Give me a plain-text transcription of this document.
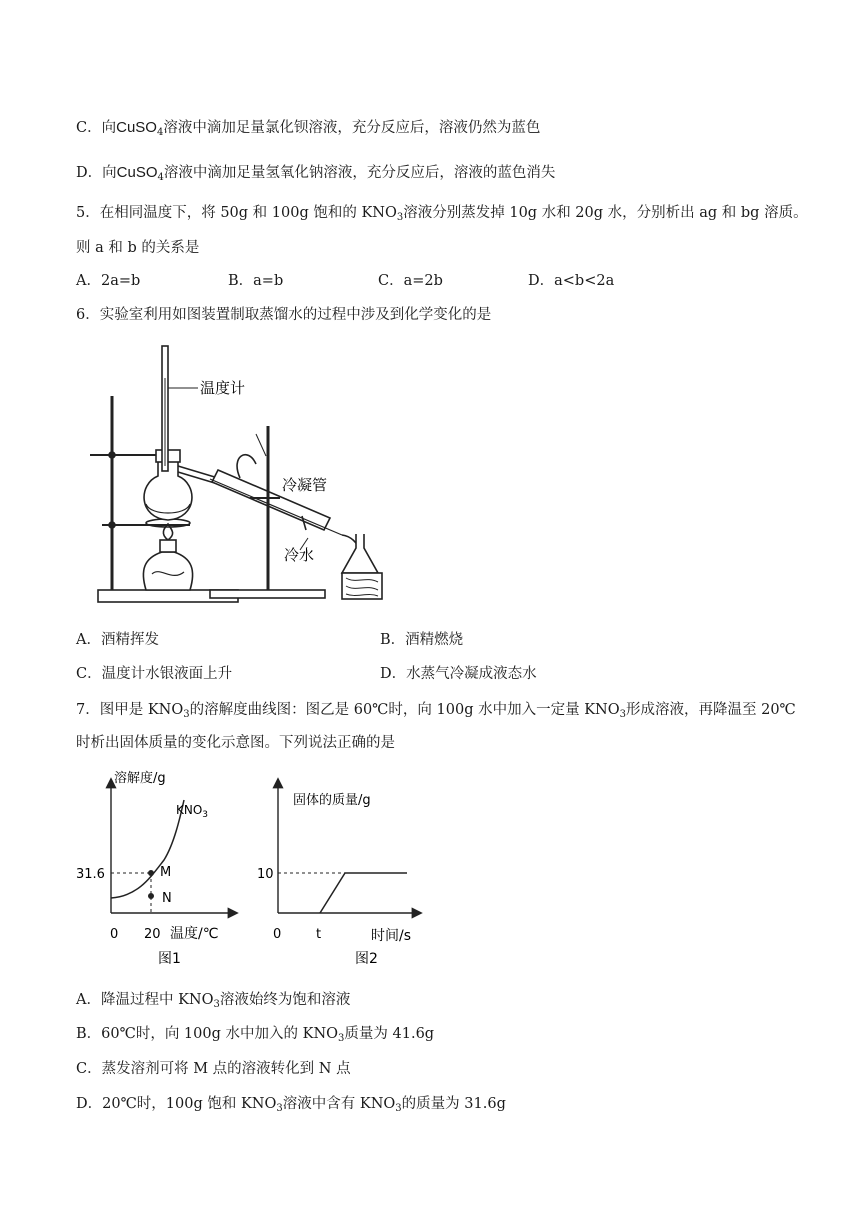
C．向CuSO$_4$溶液中滴加足量氯化钡溶液，充分反应后，溶液仍然为蓝色
D．向CuSO$_4$溶液中滴加足量氢氧化钠溶液，充分反应后，溶液的蓝色消失
5．在相同温度下，将 50g 和 100g 饱和的 $KNO_3$溶液分别蒸发掉 10g 水和 20g 水，分别析出 ag 和 bg 溶质。
则 a 和 b 的关系是
A．2a=b	B．a=b	C．a=2b	D．a<b<2a
6．实验室利用如图装置制取蒸馏水的过程中涉及到化学变化的是
温度计
冷凝管
冷水
A．酒精挥发	B．酒精燃烧
C．温度计水银液面上升	D．水蒸气冷凝成液态水
7．图甲是 $KNO_3$的溶解度曲线图：图乙是 60℃时，向 100g 水中加入一定量 $KNO_3$形成溶液，再降温至 20℃
时析出固体质量的变化示意图。下列说法正确的是
溶解度/g
$KNO_3$
31.6	M
N
0 20 温度/℃
图1
固体的质量/g
10
0	t	时间/s
图2
A．降温过程中 $KNO_3$溶液始终为饱和溶液
B．60℃时，向 100g 水中加入的 $KNO_3$质量为 41.6g
C．蒸发溶剂可将 M 点的溶液转化到 N 点
D．20℃时，100g 饱和 $KNO_3$溶液中含有 $KNO_3$的质量为 31.6g
